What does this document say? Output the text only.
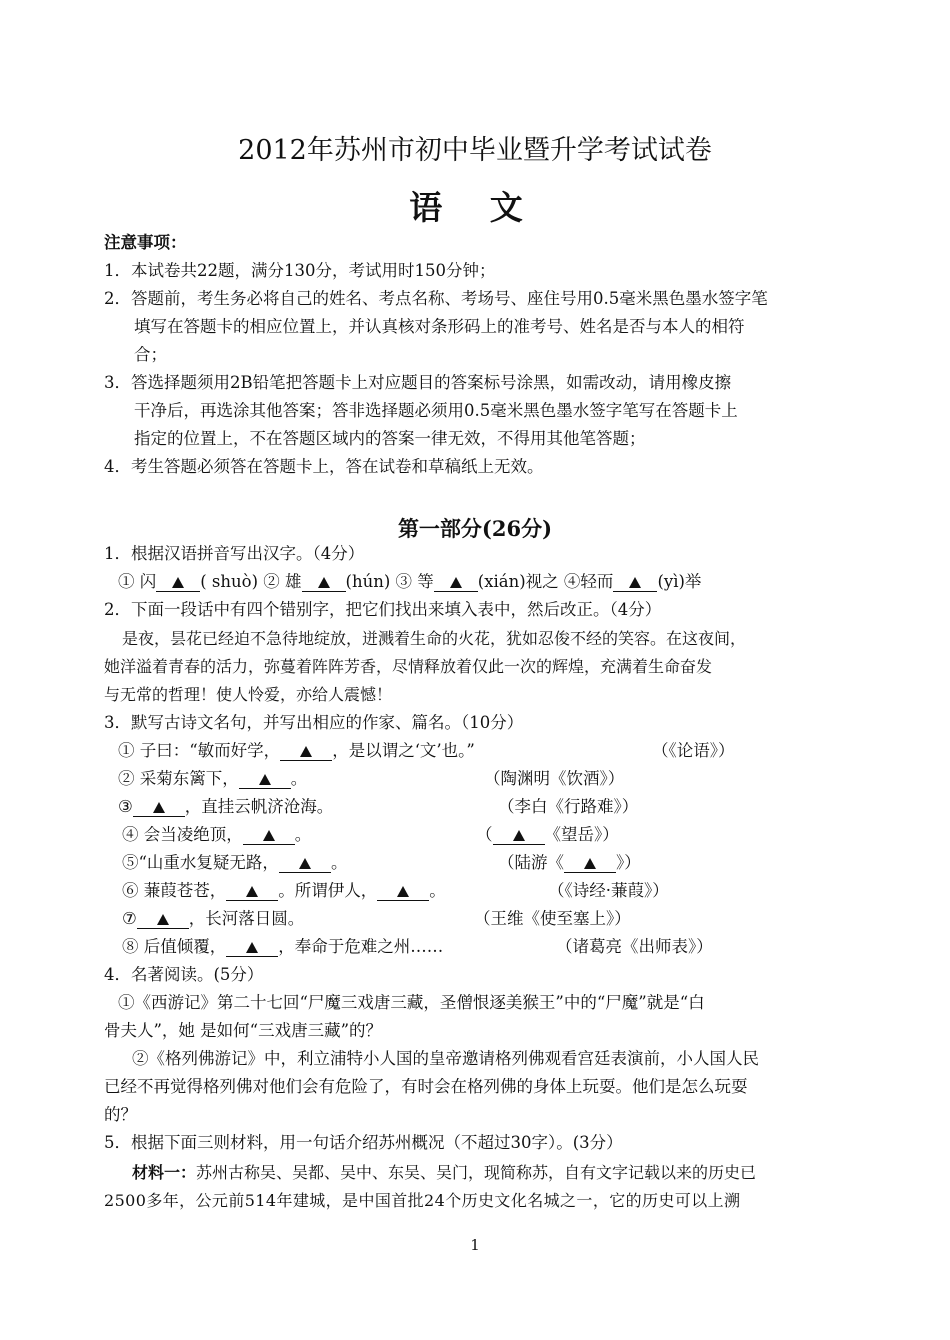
2012年苏州市初中毕业暨升学考试试卷
语 文
注意事项：
1．本试卷共22题，满分130分，考试用时150分钟；
2．答题前，考生务必将自己的姓名、考点名称、考场号、座住号用0.5毫米黑色墨水签字笔
填写在答题卡的相应位置上，并认真核对条形码上的准考号、姓名是否与本人的相符
合；
3．答选择题须用2B铅笔把答题卡上对应题目的答案标号涂黑，如需改动，请用橡皮擦
干净后，再选涂其他答案；答非选择题必须用0.5毫米黑色墨水签字笔写在答题卡上
指定的位置上，不在答题区域内的答案一律无效，不得用其他笔答题；
4．考生答题必须答在答题卡上，答在试卷和草稿纸上无效。
第一部分(26分)
1．根据汉语拼音写出汉字。（4分）
① 闪	( shuò) ② 雄	(hún) ③ 等	(xián)视之 ④轻而	(yì)举
2．下面一段话中有四个错别字，把它们找出来填入表中，然后改正。（4分）
是夜，昙花已经迫不急待地绽放，迸溅着生命的火花，犹如忍俊不经的笑容。在这夜间，
她洋溢着青春的活力，弥蔓着阵阵芳香，尽情释放着仅此一次的辉煌，充满着生命奋发
与无常的哲理！使人怜爱，亦给人震憾！
3．默写古诗文名句，并写出相应的作家、篇名。（10分）
① 子曰：“敏而好学，	，是以谓之‘文’也。”	（《论语》）
② 采菊东篱下，	。	（陶渊明《饮酒》）
③	，直挂云帆济沧海。	（李白《行路难》）
④ 会当凌绝顶，	。	（	《望岳》）
⑤“山重水复疑无路，	。	（陆游《	》）
⑥ 蒹葭苍苍，	。所谓伊人，	。	（《诗经·蒹葭》）
⑦	，长河落日圆。	（王维《使至塞上》）
⑧ 后值倾覆，	，奉命于危难之州……	（诸葛亮《出师表》）
4．名著阅读。(5分）
①《西游记》第二十七回“尸魔三戏唐三藏，圣僧恨逐美猴王”中的“尸魔”就是“白
骨夫人”，她 是如何“三戏唐三藏”的？
②《格列佛游记》中，利立浦特小人国的皇帝邀请格列佛观看宫廷表演前，小人国人民
已经不再觉得格列佛对他们会有危险了，有时会在格列佛的身体上玩耍。他们是怎么玩耍
的？
5．根据下面三则材料，用一句话介绍苏州概况（不超过30字）。(3分）
材料一：苏州古称吴、吴都、吴中、东吴、吴门，现简称苏，自有文字记载以来的历史已
2500多年，公元前514年建城，是中国首批24个历史文化名城之一，它的历史可以上溯
1
